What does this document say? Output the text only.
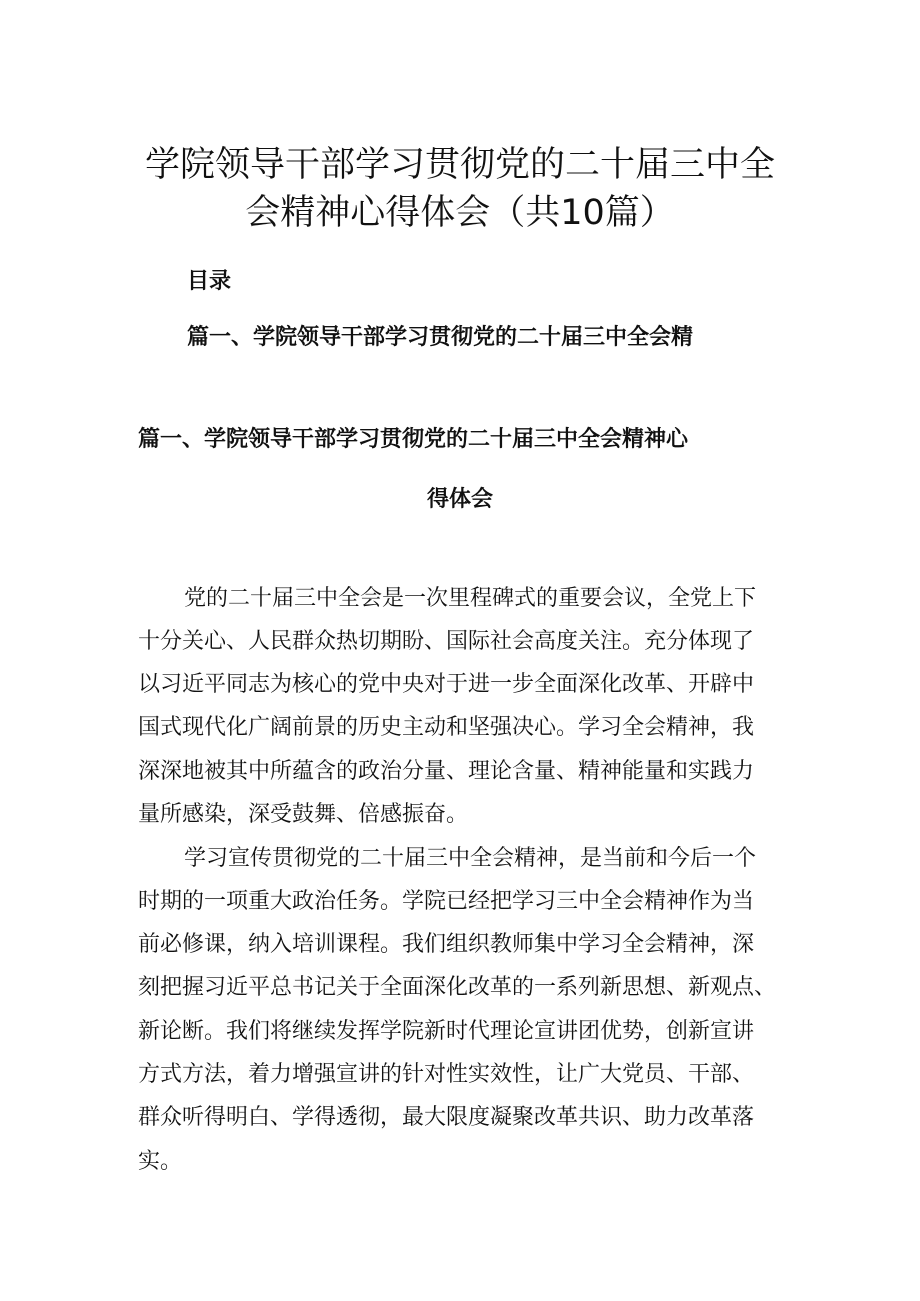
学院领导干部学习贯彻党的二十届三中全
会精神心得体会（共10篇）
目录
篇一、学院领导干部学习贯彻党的二十届三中全会精
篇一、学院领导干部学习贯彻党的二十届三中全会精神心
得体会
党的二十届三中全会是一次里程碑式的重要会议，全党上下
十分关心、人民群众热切期盼、国际社会高度关注。充分体现了
以习近平同志为核心的党中央对于进一步全面深化改革、开辟中
国式现代化广阔前景的历史主动和坚强决心。学习全会精神，我
深深地被其中所蕴含的政治分量、理论含量、精神能量和实践力
量所感染，深受鼓舞、倍感振奋。
学习宣传贯彻党的二十届三中全会精神，是当前和今后一个
时期的一项重大政治任务。学院已经把学习三中全会精神作为当
前必修课，纳入培训课程。我们组织教师集中学习全会精神，深
刻把握习近平总书记关于全面深化改革的一系列新思想、新观点、
新论断。我们将继续发挥学院新时代理论宣讲团优势，创新宣讲
方式方法，着力增强宣讲的针对性实效性，让广大党员、干部、
群众听得明白、学得透彻，最大限度凝聚改革共识、助力改革落
实。
